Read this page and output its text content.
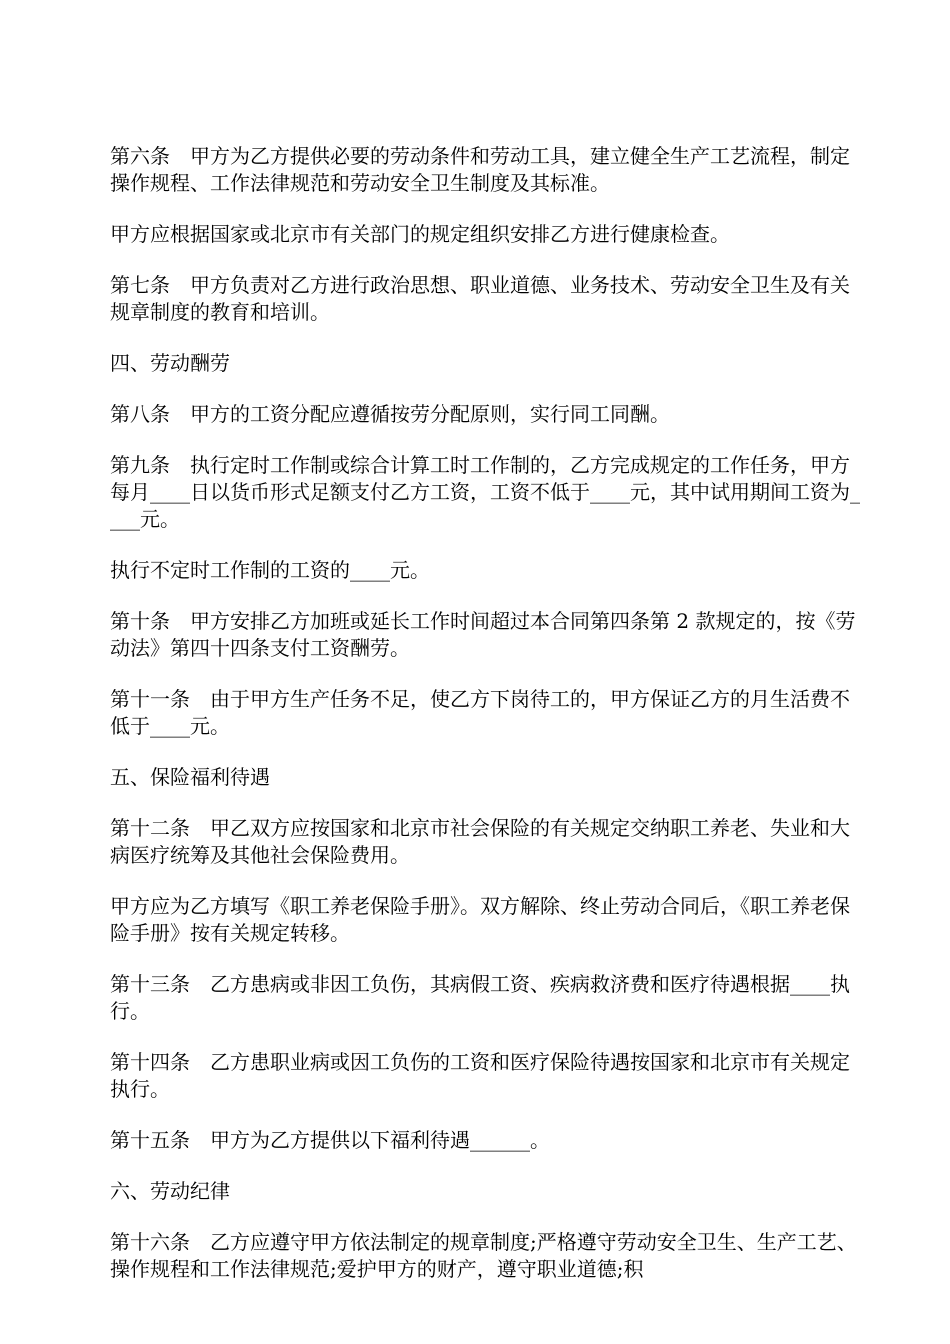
第六条　甲方为乙方提供必要的劳动条件和劳动工具，建立健全生产工艺流程，制定操作规程、工作法律规范和劳动安全卫生制度及其标准。

甲方应根据国家或北京市有关部门的规定组织安排乙方进行健康检查。

第七条　甲方负责对乙方进行政治思想、职业道德、业务技术、劳动安全卫生及有关规章制度的教育和培训。

四、劳动酬劳

第八条　甲方的工资分配应遵循按劳分配原则，实行同工同酬。

第九条　执行定时工作制或综合计算工时工作制的，乙方完成规定的工作任务，甲方每月____日以货币形式足额支付乙方工资，工资不低于____元，其中试用期间工资为____元。

执行不定时工作制的工资的____元。

第十条　甲方安排乙方加班或延长工作时间超过本合同第四条第 2 款规定的，按《劳动法》第四十四条支付工资酬劳。

第十一条　由于甲方生产任务不足，使乙方下岗待工的，甲方保证乙方的月生活费不低于____元。

五、保险福利待遇

第十二条　甲乙双方应按国家和北京市社会保险的有关规定交纳职工养老、失业和大病医疗统筹及其他社会保险费用。

甲方应为乙方填写《职工养老保险手册》。双方解除、终止劳动合同后，《职工养老保险手册》按有关规定转移。

第十三条　乙方患病或非因工负伤，其病假工资、疾病救济费和医疗待遇根据____执行。

第十四条　乙方患职业病或因工负伤的工资和医疗保险待遇按国家和北京市有关规定执行。

第十五条　甲方为乙方提供以下福利待遇______。

六、劳动纪律

第十六条　乙方应遵守甲方依法制定的规章制度;严格遵守劳动安全卫生、生产工艺、操作规程和工作法律规范;爱护甲方的财产，遵守职业道德;积
